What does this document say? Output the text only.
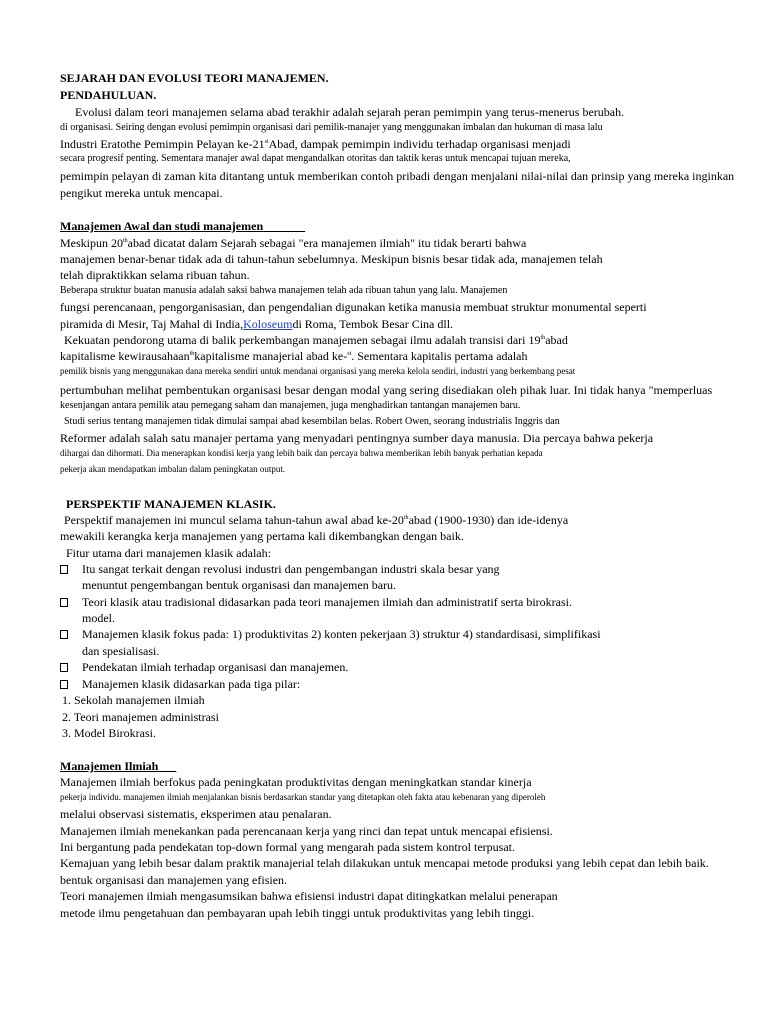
SEJARAH DAN EVOLUSI TEORI MANAJEMEN.
PENDAHULUAN.
Evolusi dalam teori manajemen selama abad terakhir adalah sejarah peran pemimpin yang terus-menerus berubah.
di organisasi. Seiring dengan evolusi pemimpin organisasi dari pemilik-manajer yang menggunakan imbalan dan hukuman di masa lalu
Industri Eratothe Pemimpin Pelayan ke-21stAbad, dampak pemimpin individu terhadap organisasi menjadi
secara progresif penting. Sementara manajer awal dapat mengandalkan otoritas dan taktik keras untuk mencapai tujuan mereka,
pemimpin pelayan di zaman kita ditantang untuk memberikan contoh pribadi dengan menjalani nilai-nilai dan prinsip yang mereka inginkan
pengikut mereka untuk mencapai.
Manajemen Awal dan studi manajemen
Meskipun 20thabad dicatat dalam Sejarah sebagai "era manajemen ilmiah" itu tidak berarti bahwa
manajemen benar-benar tidak ada di tahun-tahun sebelumnya. Meskipun bisnis besar tidak ada, manajemen telah
telah dipraktikkan selama ribuan tahun.
Beberapa struktur buatan manusia adalah saksi bahwa manajemen telah ada ribuan tahun yang lalu. Manajemen
fungsi perencanaan, pengorganisasian, dan pengendalian digunakan ketika manusia membuat struktur monumental seperti
piramida di Mesir, Taj Mahal di India,Koloseumdi Roma, Tembok Besar Cina dll.
Kekuatan pendorong utama di balik perkembangan manajemen sebagai ilmu adalah transisi dari 19thabad
kapitalisme kewirausahaan$^{th}$kapitalisme manajerial abad ke-$^{st}$. Sementara kapitalis pertama adalah
pemilik bisnis yang menggunakan dana mereka sendiri untuk mendanai organisasi yang mereka kelola sendiri, industri yang berkembang pesat
pertumbuhan melihat pembentukan organisasi besar dengan modal yang sering disediakan oleh pihak luar. Ini tidak hanya "memperluas
kesenjangan antara pemilik atau pemegang saham dan manajemen, juga menghadirkan tantangan manajemen baru.
Studi serius tentang manajemen tidak dimulai sampai abad kesembilan belas. Robert Owen, seorang industrialis Inggris dan
Reformer adalah salah satu manajer pertama yang menyadari pentingnya sumber daya manusia. Dia percaya bahwa pekerja
dihargai dan dihormati. Dia menerapkan kondisi kerja yang lebih baik dan percaya bahwa memberikan lebih banyak perhatian kepada
pekerja akan mendapatkan imbalan dalam peningkatan output.
PERSPEKTIF MANAJEMEN KLASIK.
Perspektif manajemen ini muncul selama tahun-tahun awal abad ke-20thabad (1900-1930) dan ide-idenya
mewakili kerangka kerja manajemen yang pertama kali dikembangkan dengan baik.
Fitur utama dari manajemen klasik adalah:
Itu sangat terkait dengan revolusi industri dan pengembangan industri skala besar yang
menuntut pengembangan bentuk organisasi dan manajemen baru.
Teori klasik atau tradisional didasarkan pada teori manajemen ilmiah dan administratif serta birokrasi.
model.
Manajemen klasik fokus pada: 1) produktivitas 2) konten pekerjaan 3) struktur 4) standardisasi, simplifikasi
dan spesialisasi.
Pendekatan ilmiah terhadap organisasi dan manajemen.
Manajemen klasik didasarkan pada tiga pilar:
1. Sekolah manajemen ilmiah
2. Teori manajemen administrasi
3. Model Birokrasi.
Manajemen Ilmiah
Manajemen ilmiah berfokus pada peningkatan produktivitas dengan meningkatkan standar kinerja
pekerja individu. manajemen ilmiah menjalankan bisnis berdasarkan standar yang ditetapkan oleh fakta atau kebenaran yang diperoleh
melalui observasi sistematis, eksperimen atau penalaran.
Manajemen ilmiah menekankan pada perencanaan kerja yang rinci dan tepat untuk mencapai efisiensi.
Ini bergantung pada pendekatan top-down formal yang mengarah pada sistem kontrol terpusat.
Kemajuan yang lebih besar dalam praktik manajerial telah dilakukan untuk mencapai metode produksi yang lebih cepat dan lebih baik.
bentuk organisasi dan manajemen yang efisien.
Teori manajemen ilmiah mengasumsikan bahwa efisiensi industri dapat ditingkatkan melalui penerapan
metode ilmu pengetahuan dan pembayaran upah lebih tinggi untuk produktivitas yang lebih tinggi.
